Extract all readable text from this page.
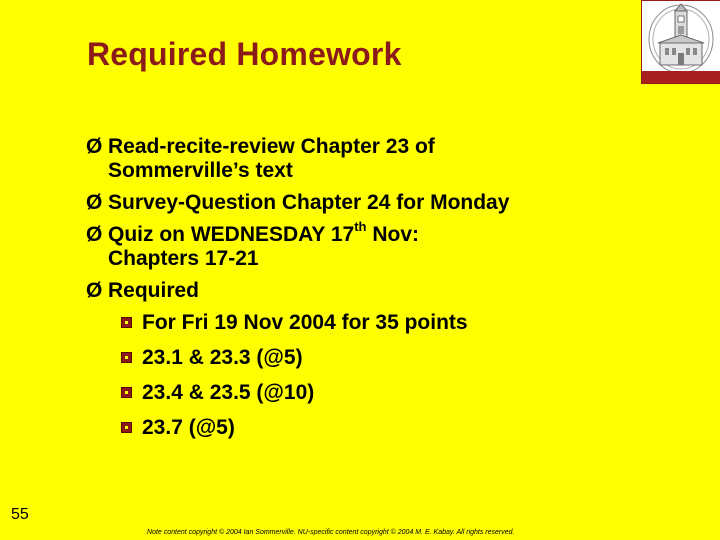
Required Homework
Ø Read-recite-review Chapter 23 of
Sommerville’s text
Ø Survey-Question Chapter 24 for Monday
Ø Quiz on WEDNESDAY 17th Nov:
Chapters 17-21
Ø Required
For Fri 19 Nov 2004 for 35 points
23.1 & 23.3 (@5)
23.4 & 23.5 (@10)
23.7 (@5)
55
Note content copyright © 2004 Ian Sommerville. NU-specific content copyright © 2004 M. E. Kabay. All rights reserved.
